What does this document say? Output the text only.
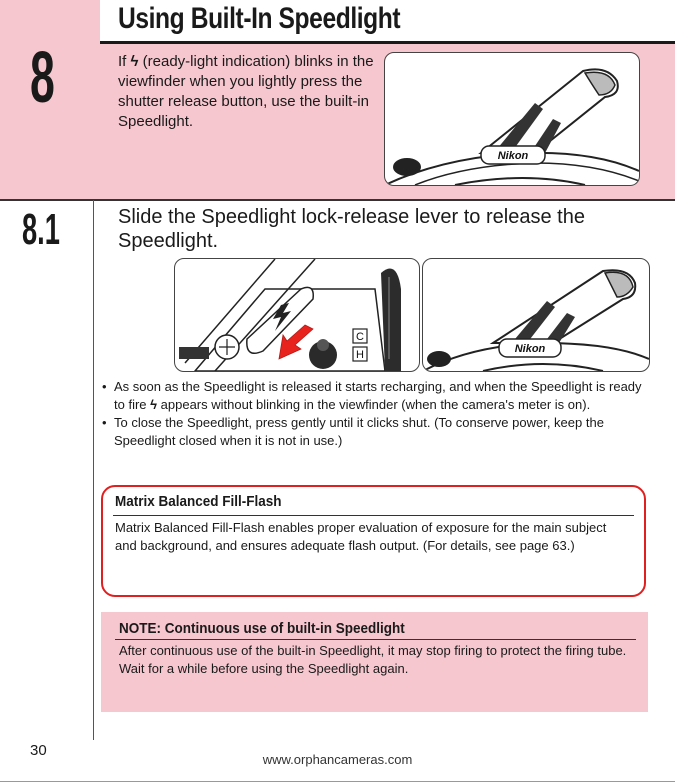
Using Built-In Speedlight
8	If ϟ (ready-light indication) blinks in the viewfinder when you lightly press the shutter release button, use the built-in Speedlight.
Nikon
8.1	Slide the Speedlight lock-release lever to release the Speedlight.
C
H	Nikon
• As soon as the Speedlight is released it starts recharging, and when the Speedlight is ready to fire ϟ appears without blinking in the viewfinder (when the camera's meter is on).
• To close the Speedlight, press gently until it clicks shut. (To conserve power, keep the Speedlight closed when it is not in use.)
Matrix Balanced Fill-Flash
Matrix Balanced Fill-Flash enables proper evaluation of exposure for the main subject and background, and ensures adequate flash output. (For details, see page 63.)
NOTE: Continuous use of built-in Speedlight
After continuous use of the built-in Speedlight, it may stop firing to protect the firing tube. Wait for a while before using the Speedlight again.
30
www.orphancameras.com
